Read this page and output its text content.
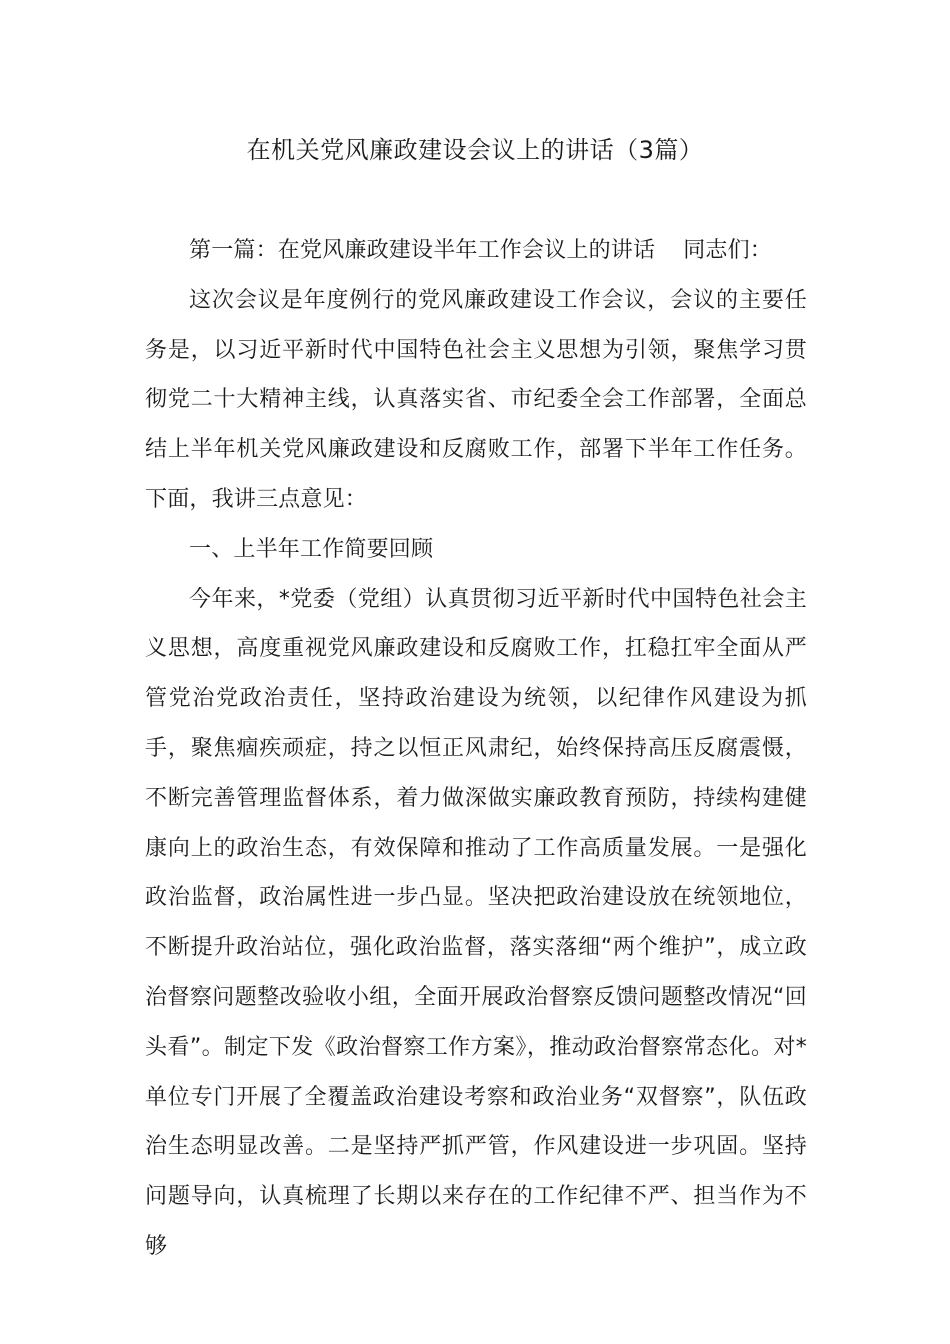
在机关党风廉政建设会议上的讲话（3篇）

第一篇：在党风廉政建设半年工作会议上的讲话 同志们：

这次会议是年度例行的党风廉政建设工作会议，会议的主要任务是，以习近平新时代中国特色社会主义思想为引领，聚焦学习贯彻党二十大精神主线，认真落实省、市纪委全会工作部署，全面总结上半年机关党风廉政建设和反腐败工作，部署下半年工作任务。下面，我讲三点意见：

一、上半年工作简要回顾

今年来，*党委（党组）认真贯彻习近平新时代中国特色社会主义思想，高度重视党风廉政建设和反腐败工作，扛稳扛牢全面从严管党治党政治责任，坚持政治建设为统领，以纪律作风建设为抓手，聚焦痼疾顽症，持之以恒正风肃纪，始终保持高压反腐震慑，不断完善管理监督体系，着力做深做实廉政教育预防，持续构建健康向上的政治生态，有效保障和推动了工作高质量发展。一是强化政治监督，政治属性进一步凸显。坚决把政治建设放在统领地位，不断提升政治站位，强化政治监督，落实落细“两个维护”，成立政治督察问题整改验收小组，全面开展政治督察反馈问题整改情况“回头看”。制定下发《政治督察工作方案》，推动政治督察常态化。对*单位专门开展了全覆盖政治建设考察和政治业务“双督察”，队伍政治生态明显改善。二是坚持严抓严管，作风建设进一步巩固。坚持问题导向，认真梳理了长期以来存在的工作纪律不严、担当作为不够
